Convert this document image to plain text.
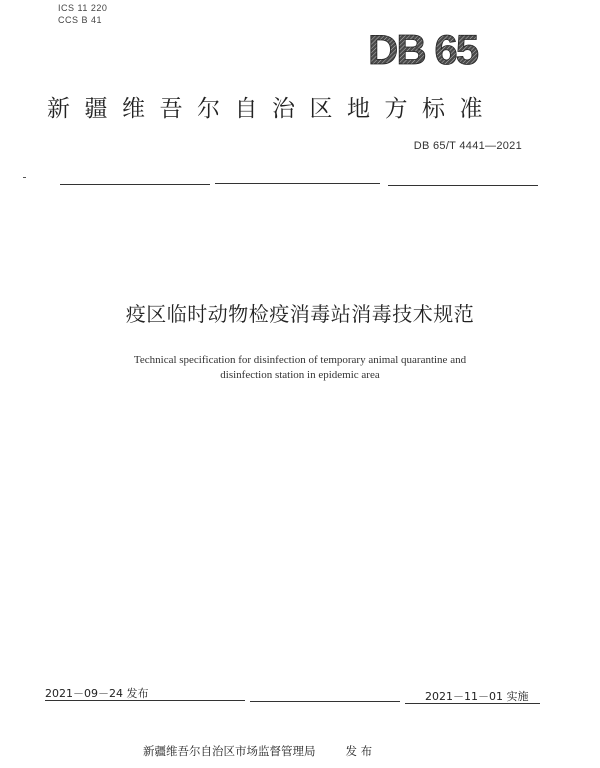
ICS 11 220
CCS B 41
DB 65
新疆维吾尔自治区地方标准
DB 65/T 4441—2021
疫区临时动物检疫消毒站消毒技术规范
Technical specification for disinfection of temporary animal quarantine and
disinfection station in epidemic area
2021－09－24 发布	2021－11－01 实施
新疆维吾尔自治区市场监督管理局	发 布
